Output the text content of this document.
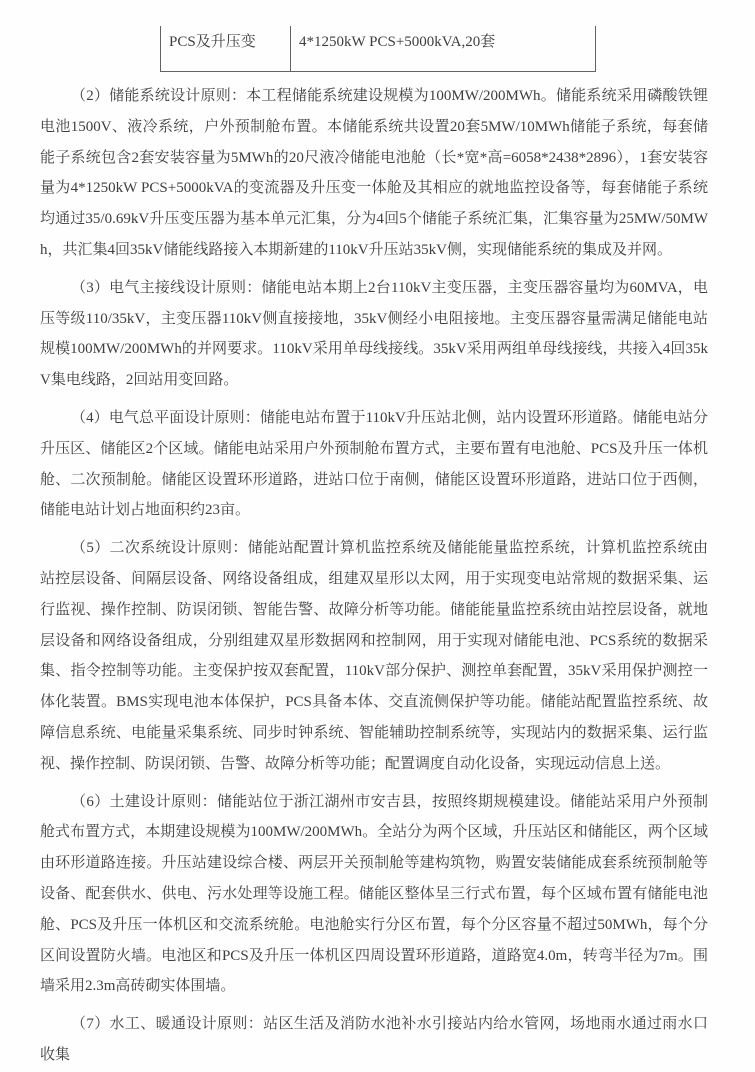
PCS及升压变	4*1250kW PCS+5000kVA,20套

（2）储能系统设计原则：本工程储能系统建设规模为100MW/200MWh。储能系统采用磷酸铁锂电池1500V、液冷系统，户外预制舱布置。本储能系统共设置20套5MW/10MWh储能子系统，每套储能子系统包含2套安装容量为5MWh的20尺液冷储能电池舱（长*宽*高=6058*2438*2896），1套安装容量为4*1250kW PCS+5000kVA的变流器及升压变一体舱及其相应的就地监控设备等，每套储能子系统均通过35/0.69kV升压变压器为基本单元汇集，分为4回5个储能子系统汇集，汇集容量为25MW/50MWh，共汇集4回35kV储能线路接入本期新建的110kV升压站35kV侧，实现储能系统的集成及并网。

（3）电气主接线设计原则：储能电站本期上2台110kV主变压器，主变压器容量均为60MVA，电压等级110/35kV，主变压器110kV侧直接接地，35kV侧经小电阻接地。主变压器容量需满足储能电站规模100MW/200MWh的并网要求。110kV采用单母线接线。35kV采用两组单母线接线，共接入4回35kV集电线路，2回站用变回路。

（4）电气总平面设计原则：储能电站布置于110kV升压站北侧，站内设置环形道路。储能电站分升压区、储能区2个区域。储能电站采用户外预制舱布置方式，主要布置有电池舱、PCS及升压一体机舱、二次预制舱。储能区设置环形道路，进站口位于南侧，储能区设置环形道路，进站口位于西侧，储能电站计划占地面积约23亩。

（5）二次系统设计原则：储能站配置计算机监控系统及储能能量监控系统，计算机监控系统由站控层设备、间隔层设备、网络设备组成，组建双星形以太网，用于实现变电站常规的数据采集、运行监视、操作控制、防误闭锁、智能告警、故障分析等功能。储能能量监控系统由站控层设备，就地层设备和网络设备组成，分别组建双星形数据网和控制网，用于实现对储能电池、PCS系统的数据采集、指令控制等功能。主变保护按双套配置，110kV部分保护、测控单套配置，35kV采用保护测控一体化装置。BMS实现电池本体保护，PCS具备本体、交直流侧保护等功能。储能站配置监控系统、故障信息系统、电能量采集系统、同步时钟系统、智能辅助控制系统等，实现站内的数据采集、运行监视、操作控制、防误闭锁、告警、故障分析等功能；配置调度自动化设备，实现远动信息上送。

（6）土建设计原则：储能站位于浙江湖州市安吉县，按照终期规模建设。储能站采用户外预制舱式布置方式，本期建设规模为100MW/200MWh。全站分为两个区域，升压站区和储能区，两个区域由环形道路连接。升压站建设综合楼、两层开关预制舱等建构筑物，购置安装储能成套系统预制舱等设备、配套供水、供电、污水处理等设施工程。储能区整体呈三行式布置，每个区域布置有储能电池舱、PCS及升压一体机区和交流系统舱。电池舱实行分区布置，每个分区容量不超过50MWh，每个分区间设置防火墙。电池区和PCS及升压一体机区四周设置环形道路，道路宽4.0m，转弯半径为7m。围墙采用2.3m高砖砌实体围墙。

（7）水工、暖通设计原则：站区生活及消防水池补水引接站内给水管网，场地雨水通过雨水口收集
